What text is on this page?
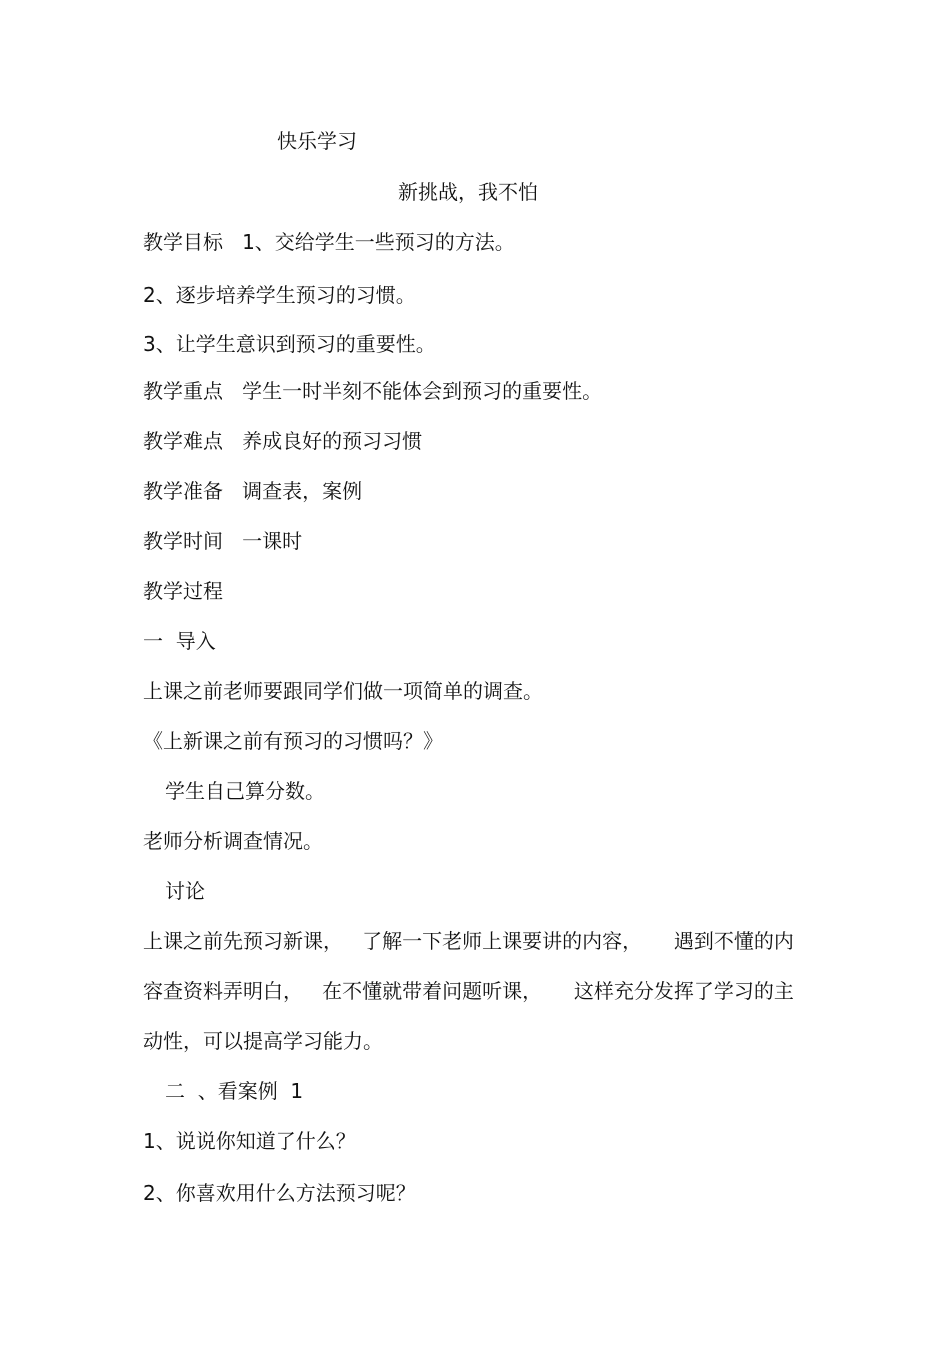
快乐学习

新挑战，我不怕

教学目标   1、交给学生一些预习的方法。

2、逐步培养学生预习的习惯。

3、让学生意识到预习的重要性。

教学重点   学生一时半刻不能体会到预习的重要性。

教学难点   养成良好的预习习惯

教学准备   调查表，案例

教学时间   一课时

教学过程

一  导入

上课之前老师要跟同学们做一项简单的调查。

《上新课之前有预习的习惯吗？》

学生自己算分数。

老师分析调查情况。

讨论

上课之前先预习新课，   了解一下老师上课要讲的内容，     遇到不懂的内

容查资料弄明白，   在不懂就带着问题听课，     这样充分发挥了学习的主

动性，可以提高学习能力。

二  、看案例  1

1、说说你知道了什么？

2、你喜欢用什么方法预习呢？
